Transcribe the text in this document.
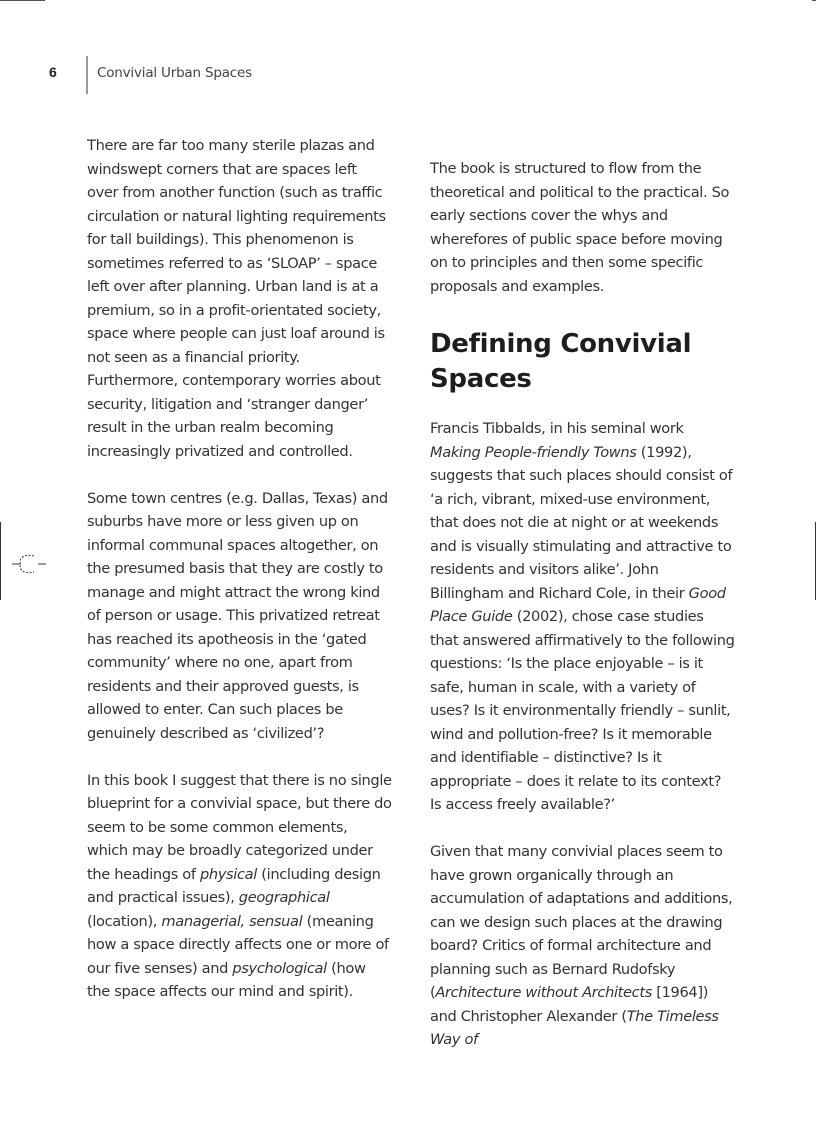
6	Convivial Urban Spaces

There are far too many sterile plazas and windswept corners that are spaces left over from another function (such as traffic circulation or natural lighting requirements for tall buildings). This phenomenon is sometimes referred to as ‘SLOAP’ – space left over after planning. Urban land is at a premium, so in a profit-orientated society, space where people can just loaf around is not seen as a financial priority. Furthermore, contemporary worries about security, litigation and ‘stranger danger’ result in the urban realm becoming increasingly privatized and controlled.

Some town centres (e.g. Dallas, Texas) and suburbs have more or less given up on informal communal spaces altogether, on the presumed basis that they are costly to manage and might attract the wrong kind of person or usage. This privatized retreat has reached its apotheosis in the ‘gated community’ where no one, apart from residents and their approved guests, is allowed to enter. Can such places be genuinely described as ‘civilized’?

In this book I suggest that there is no single blueprint for a convivial space, but there do seem to be some common elements, which may be broadly categorized under the headings of physical (including design and practical issues), geographical (location), managerial, sensual (meaning how a space directly affects one or more of our five senses) and psychological (how the space affects our mind and spirit).

The book is structured to flow from the theoretical and political to the practical. So early sections cover the whys and wherefores of public space before moving on to principles and then some specific proposals and examples.

Defining Convivial Spaces

Francis Tibbalds, in his seminal work Making People-friendly Towns (1992), suggests that such places should consist of ‘a rich, vibrant, mixed-use environment, that does not die at night or at weekends and is visually stimulating and attractive to residents and visitors alike’. John Billingham and Richard Cole, in their Good Place Guide (2002), chose case studies that answered affirmatively to the following questions: ‘Is the place enjoyable – is it safe, human in scale, with a variety of uses? Is it environmentally friendly – sunlit, wind and pollution-free? Is it memorable and identifiable – distinctive? Is it appropriate – does it relate to its context? Is access freely available?’

Given that many convivial places seem to have grown organically through an accumulation of adaptations and additions, can we design such places at the drawing board? Critics of formal architecture and planning such as Bernard Rudofsky (Architecture without Architects [1964]) and Christopher Alexander (The Timeless Way of
